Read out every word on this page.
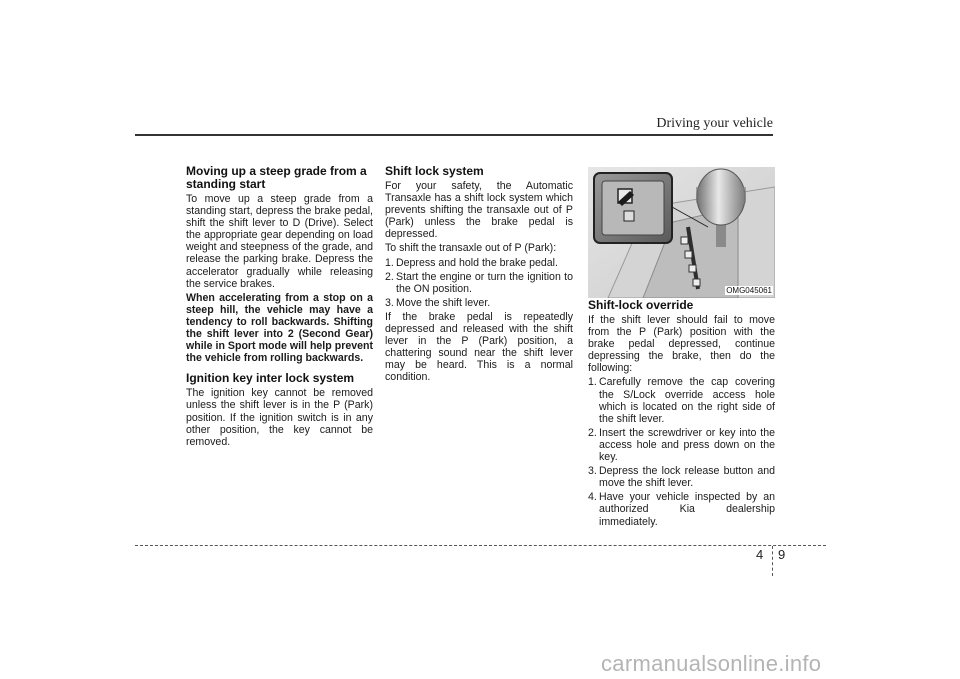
Driving your vehicle
Moving up a steep grade from a standing start

To move up a steep grade from a standing start, depress the brake pedal, shift the shift lever to D (Drive). Select the appropriate gear depending on load weight and steepness of the grade, and release the parking brake. Depress the accelerator gradually while releasing the service brakes.

When accelerating from a stop on a steep hill, the vehicle may have a tendency to roll backwards. Shifting the shift lever into 2 (Second Gear) while in Sport mode will help prevent the vehicle from rolling backwards.

Ignition key inter lock system

The ignition key cannot be removed unless the shift lever is in the P (Park) position. If the ignition switch is in any other position, the key cannot be removed.

Shift lock system

For your safety, the Automatic Transaxle has a shift lock system which prevents shifting the transaxle out of P (Park) unless the brake pedal is depressed.

To shift the transaxle out of P (Park):

1. Depress and hold the brake pedal.
2. Start the engine or turn the ignition to the ON position.
3. Move the shift lever.

If the brake pedal is repeatedly depressed and released with the shift lever in the P (Park) position, a chattering sound near the shift lever may be heard. This is a normal condition.

OMG045061
Shift-lock override

If the shift lever should fail to move from the P (Park) position with the brake pedal depressed, continue depressing the brake, then do the following:

1. Carefully remove the cap covering the S/Lock override access hole which is located on the right side of the shift lever.
2. Insert the screwdriver or key into the access hole and press down on the key.
3. Depress the lock release button and move the shift lever.
4. Have your vehicle inspected by an authorized Kia dealership immediately.
4 9
carmanualsonline.info
